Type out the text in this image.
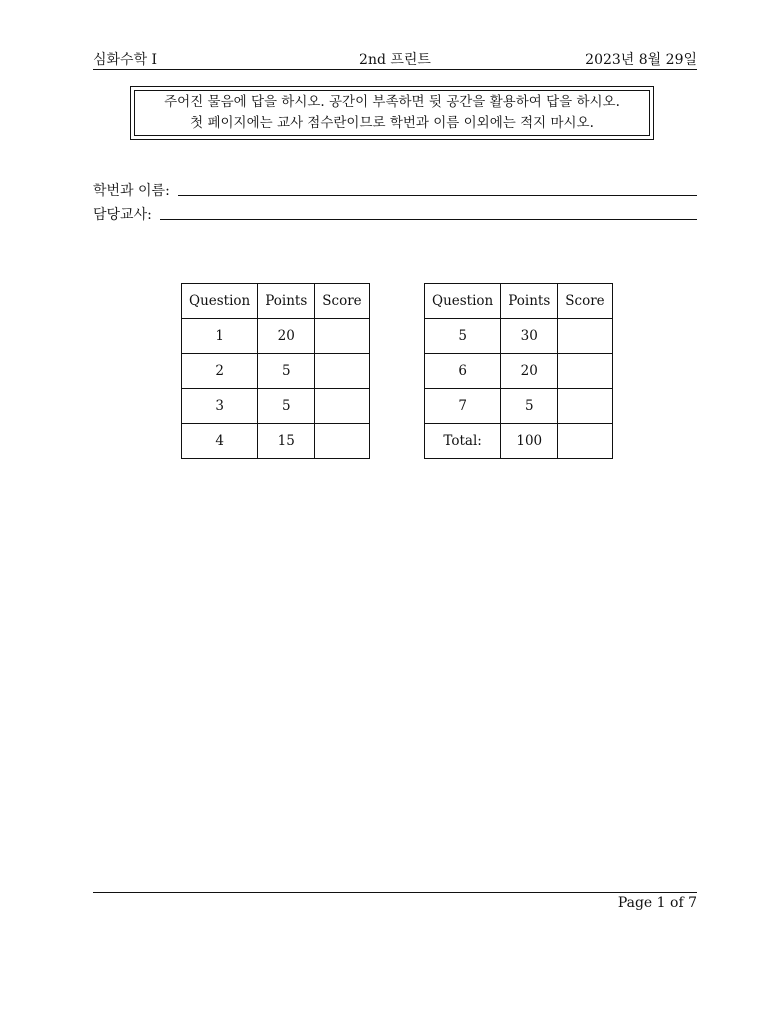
심화수학 I	2nd 프린트	2023년 8월 29일
주어진 물음에 답을 하시오. 공간이 부족하면 뒷 공간을 활용하여 답을 하시오.
첫 페이지에는 교사 점수란이므로 학번과 이름 이외에는 적지 마시오.
학번과 이름:
담당교사:
Question	Points	Score
1	20	
2	5	
3	5	
4	15	
Question	Points	Score
5	30	
6	20	
7	5	
Total:	100	
Page 1 of 7
